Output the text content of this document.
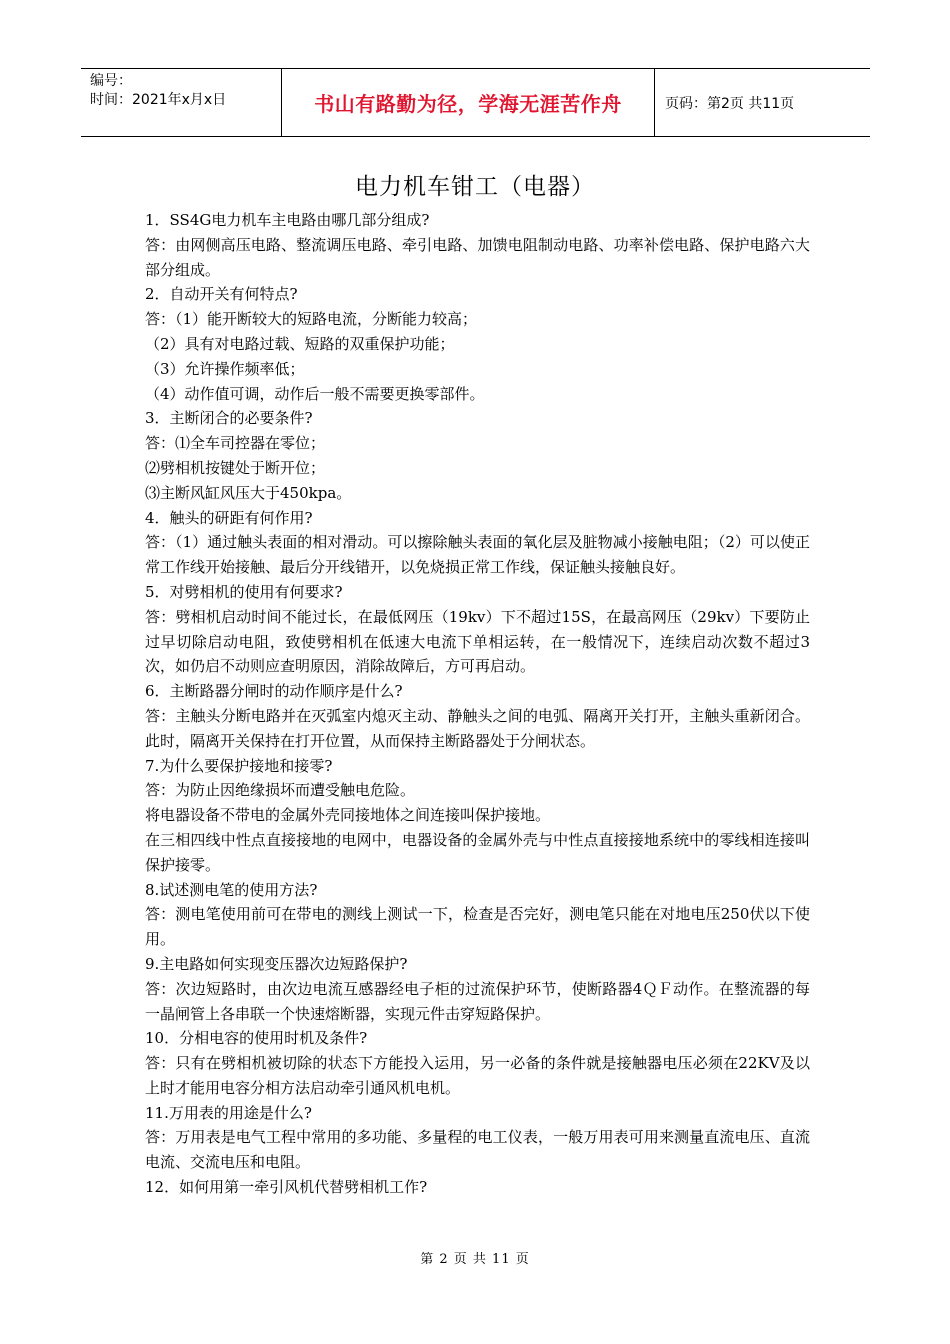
编号：
时间：2021年x月x日	书山有路勤为径，学海无涯苦作舟	页码：第2页 共11页
电力机车钳工（电器）

1．SS4G电力机车主电路由哪几部分组成?

答：由网侧高压电路、整流调压电路、牵引电路、加馈电阻制动电路、功率补偿电路、保护电路六大部分组成。

2．自动开关有何特点?

答：（1）能开断较大的短路电流，分断能力较高；

（2）具有对电路过载、短路的双重保护功能；

（3）允许操作频率低；

（4）动作值可调，动作后一般不需要更换零部件。

3．主断闭合的必要条件?

答：⑴全车司控器在零位；

⑵劈相机按键处于断开位；

⑶主断风缸风压大于450kpa。

4．触头的研距有何作用?

答：（1）通过触头表面的相对滑动。可以擦除触头表面的氧化层及脏物减小接触电阻；（2）可以使正常工作线开始接触、最后分开线错开，以免烧损正常工作线，保证触头接触良好。

5．对劈相机的使用有何要求?

答：劈相机启动时间不能过长，在最低网压（19kv）下不超过15S，在最高网压（29kv）下要防止过早切除启动电阻，致使劈相机在低速大电流下单相运转，在一般情况下，连续启动次数不超过3次，如仍启不动则应查明原因，消除故障后，方可再启动。

6．主断路器分闸时的动作顺序是什么?

答：主触头分断电路并在灭弧室内熄灭主动、静触头之间的电弧、隔离开关打开，主触头重新闭合。此时，隔离开关保持在打开位置，从而保持主断路器处于分闸状态。

7.为什么要保护接地和接零?

答：为防止因绝缘损坏而遭受触电危险。

将电器设备不带电的金属外壳同接地体之间连接叫保护接地。

在三相四线中性点直接接地的电网中，电器设备的金属外壳与中性点直接接地系统中的零线相连接叫保护接零。

8.试述测电笔的使用方法?

答：测电笔使用前可在带电的测线上测试一下，检查是否完好，测电笔只能在对地电压250伏以下使用。

9.主电路如何实现变压器次边短路保护?

答：次边短路时，由次边电流互感器经电子柜的过流保护环节，使断路器4ＱＦ动作。在整流器的每一晶闸管上各串联一个快速熔断器，实现元件击穿短路保护。

10．分相电容的使用时机及条件?

答：只有在劈相机被切除的状态下方能投入运用，另一必备的条件就是接触器电压必须在22KV及以上时才能用电容分相方法启动牵引通风机电机。

11.万用表的用途是什么?

答：万用表是电气工程中常用的多功能、多量程的电工仪表，一般万用表可用来测量直流电压、直流电流、交流电压和电阻。

12．如何用第一牵引风机代替劈相机工作?

第 2 页 共 11 页
